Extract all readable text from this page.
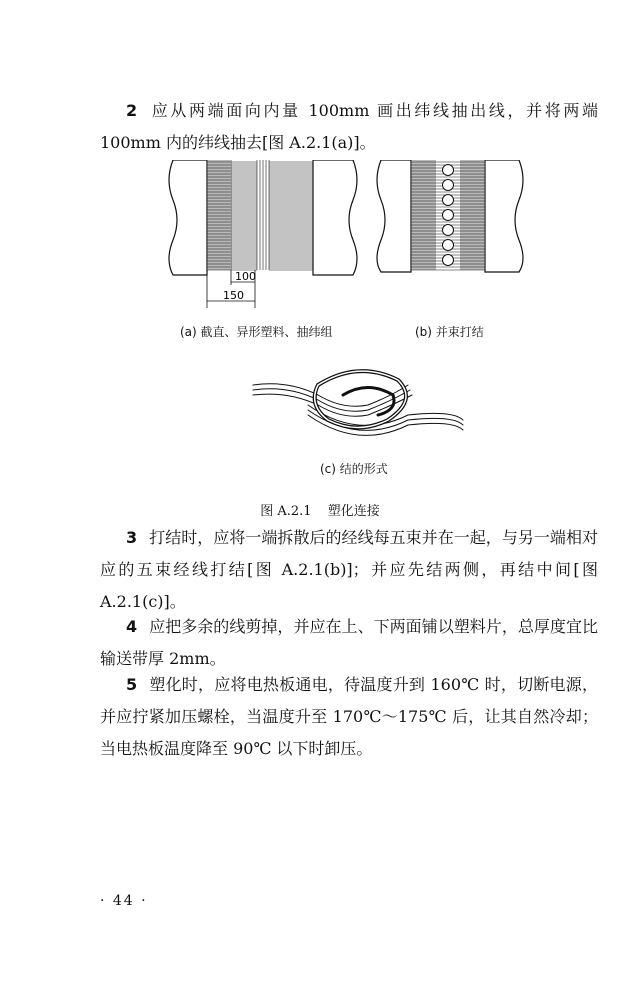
2 应从两端面向内量 100mm 画出纬线抽出线，并将两端 100mm 内的纬线抽去[图 A.2.1(a)]。

100
150
(a) 截直、异形塑料、抽纬组	(b) 并束打结
(c) 结的形式
图 A.2.1 塑化连接

3 打结时，应将一端拆散后的经线每五束并在一起，与另一端相对应的五束经线打结[图 A.2.1(b)]；并应先结两侧，再结中间[图 A.2.1(c)]。

4 应把多余的线剪掉，并应在上、下两面铺以塑料片，总厚度宜比输送带厚 2mm。

5 塑化时，应将电热板通电，待温度升到 160℃ 时，切断电源，并应拧紧加压螺栓，当温度升至 170℃～175℃ 后，让其自然冷却；当电热板温度降至 90℃ 以下时卸压。

· 44 ·
